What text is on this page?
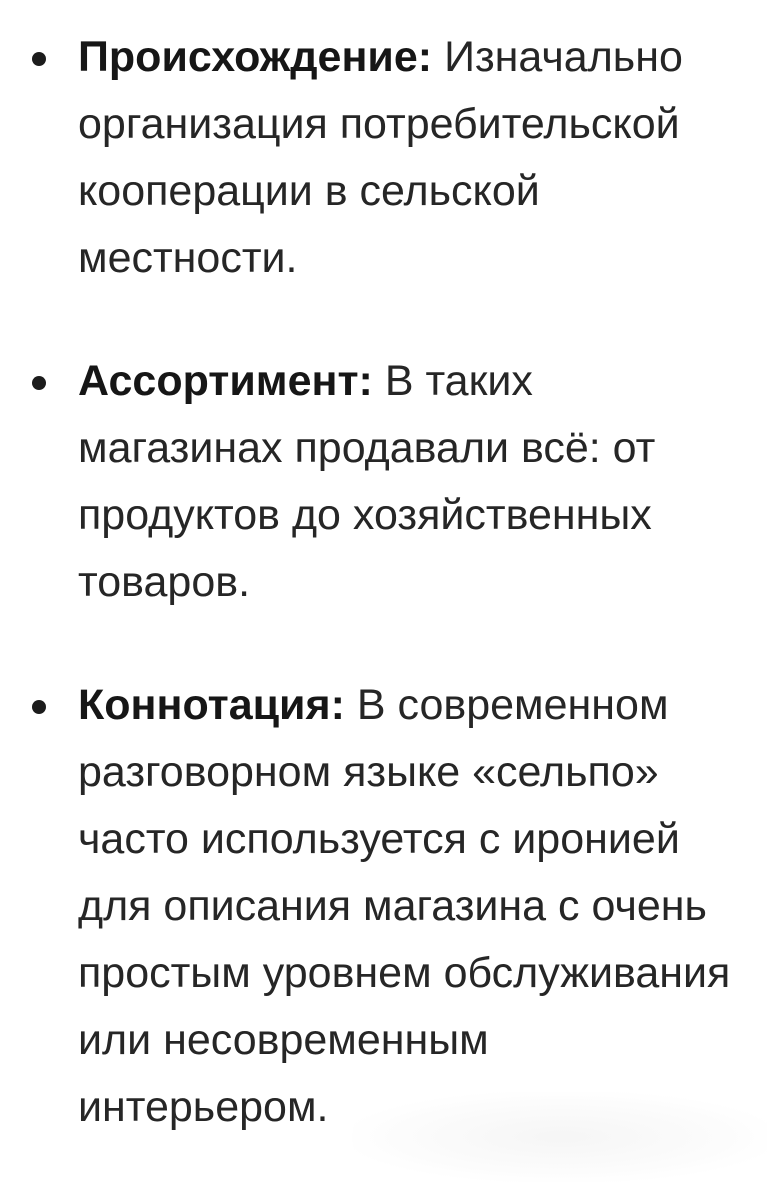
Происхождение: Изначально организация потребительской кооперации в сельской местности.
Ассортимент: В таких магазинах продавали всё: от продуктов до хозяйственных товаров.
Коннотация: В современном разговорном языке «сельпо» часто используется с иронией для описания магазина с очень простым уровнем обслуживания или несовременным интерьером.
